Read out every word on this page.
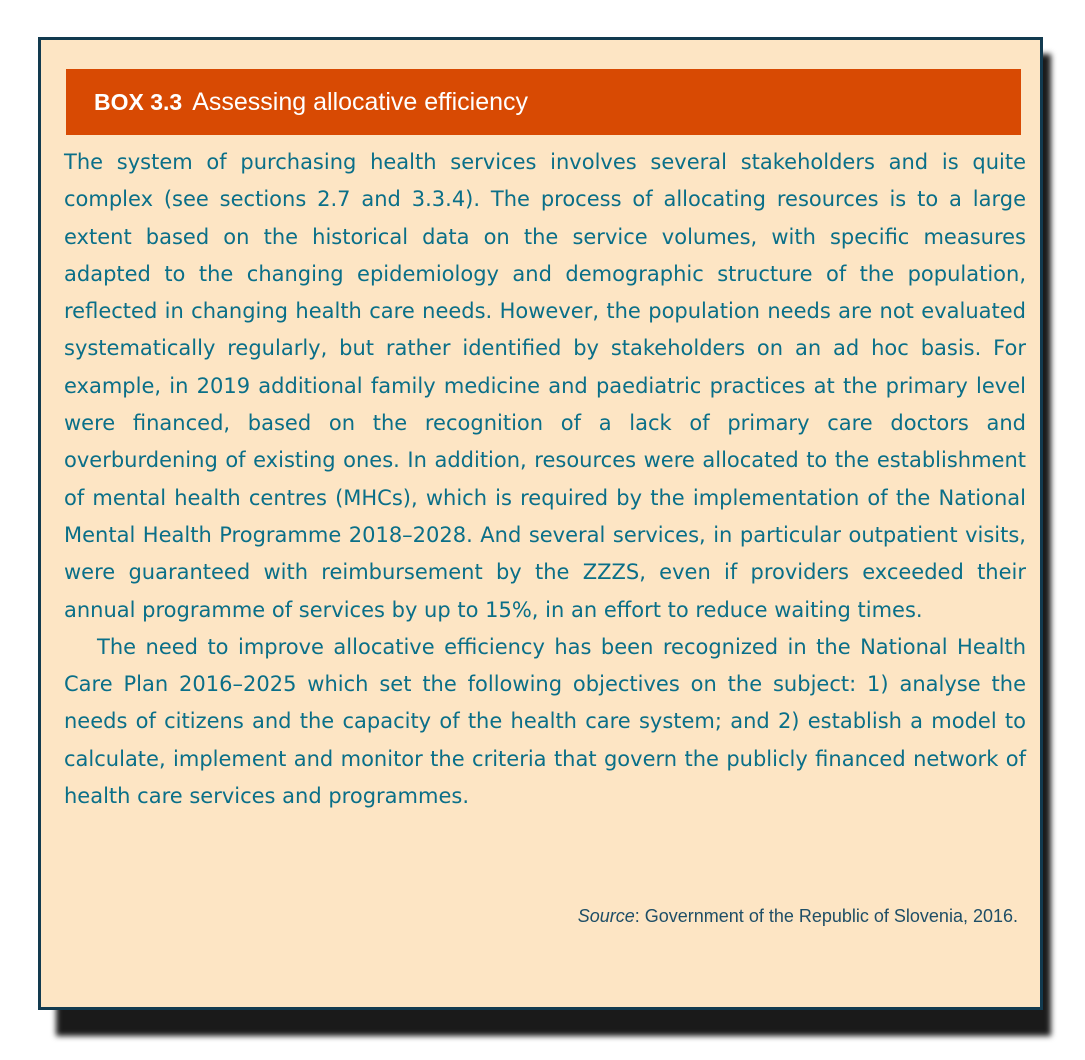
BOX 3.3 Assessing allocative efficiency

The system of purchasing health services involves several stakeholders and is quite complex (see sections 2.7 and 3.3.4). The process of allocating resources is to a large extent based on the historical data on the service volumes, with specific measures adapted to the changing epidemiology and demographic structure of the population, reflected in changing health care needs. However, the population needs are not evaluated systematically regularly, but rather identified by stakeholders on an ad hoc basis. For example, in 2019 additional family medicine and paediatric practices at the primary level were financed, based on the recognition of a lack of primary care doctors and overburdening of existing ones. In addition, resources were allocated to the establishment of mental health centres (MHCs), which is required by the implementation of the National Mental Health Programme 2018–2028. And several services, in particular outpatient visits, were guaranteed with reimbursement by the ZZZS, even if providers exceeded their annual programme of services by up to 15%, in an effort to reduce waiting times.

The need to improve allocative efficiency has been recognized in the National Health Care Plan 2016–2025 which set the following objectives on the subject: 1) analyse the needs of citizens and the capacity of the health care system; and 2) establish a model to calculate, implement and monitor the criteria that govern the publicly financed network of health care services and programmes.

Source: Government of the Republic of Slovenia, 2016.
